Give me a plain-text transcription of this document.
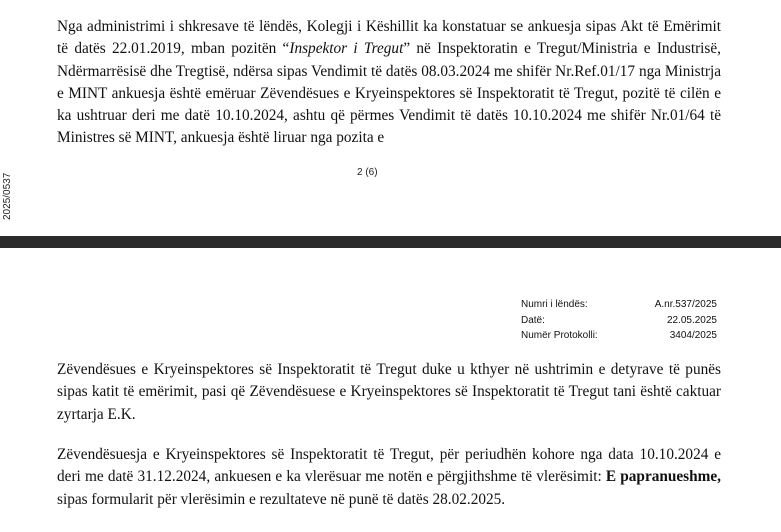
Nga administrimi i shkresave të lëndës, Kolegji i Këshillit ka konstatuar se ankuesja sipas Akt të Emërimit të datës 22.01.2019, mban pozitën “Inspektor i Tregut” në Inspektoratin e Tregut/Ministria e Industrisë, Ndërmarrësisë dhe Tregtisë, ndërsa sipas Vendimit të datës 08.03.2024 me shifër Nr.Ref.01/17 nga Ministrja e MINT ankuesja është emëruar Zëvendësues e Kryeinspektores së Inspektoratit të Tregut, pozitë të cilën e ka ushtruar deri me datë 10.10.2024, ashtu që përmes Vendimit të datës 10.10.2024 me shifër Nr.01/64 të Ministres së MINT, ankuesja është liruar nga pozita e

2 (6)
2025/0537
Numri i lëndës:	A.nr.537/2025
Datë:	22.05.2025
Numër Protokolli:	3404/2025

Zëvendësues e Kryeinspektores së Inspektoratit të Tregut duke u kthyer në ushtrimin e detyrave të punës sipas katit të emërimit, pasi që Zëvendësuese e Kryeinspektores së Inspektoratit të Tregut tani është caktuar zyrtarja E.K.

Zëvendësuesja e Kryeinspektores së Inspektoratit të Tregut, për periudhën kohore nga data 10.10.2024 e deri me datë 31.12.2024, ankuesen e ka vlerësuar me notën e përgjithshme të vlerësimit: E papranueshme, sipas formularit për vlerësimin e rezultateve në punë të datës 28.02.2025.
